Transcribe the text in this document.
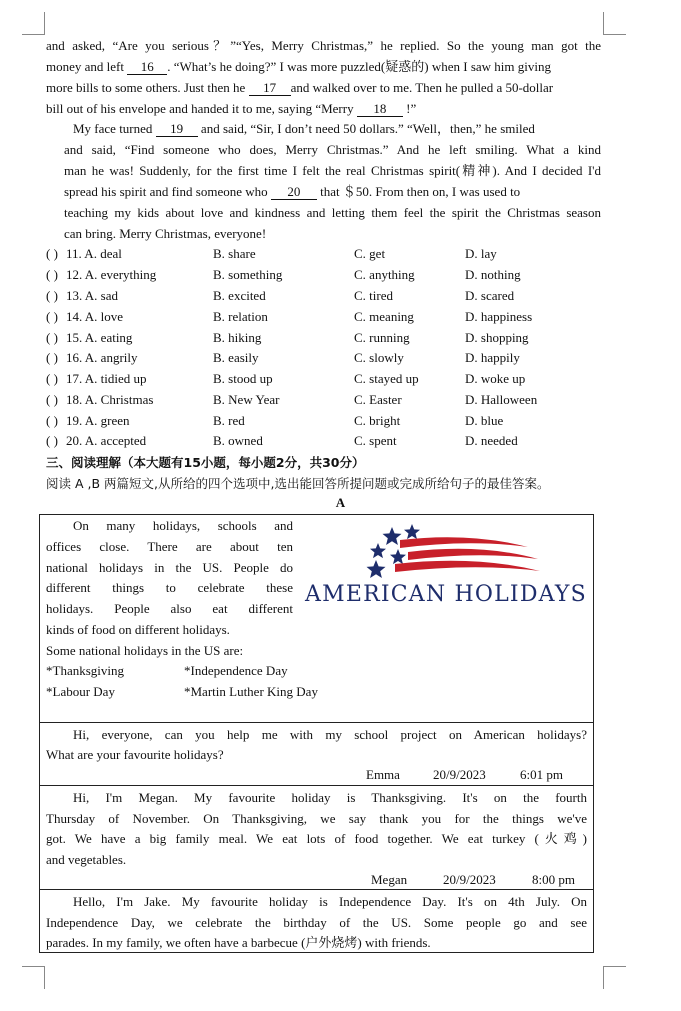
and asked, “Are you serious？”“Yes, Merry Christmas,” he replied. So the young man got the
money and left 16 . “What’s he doing?” I was more puzzled(疑惑的) when I saw him giving
more bills to some others. Just then he 17 and walked over to me. Then he pulled a 50-dollar
bill out of his envelope and handed it to me, saying “Merry 18 !”
My face turned 19 and said, “Sir, I don’t need 50 dollars.” “Well，then,” he smiled
and said, “Find someone who does, Merry Christmas.” And he left smiling. What a kind
man he was! Suddenly, for the first time I felt the real Christmas spirit(精神). And I decided I'd
spread his spirit and find someone who 20 that ＄50. From then on, I was used to
teaching my kids about love and kindness and letting them feel the spirit the Christmas season
can bring. Merry Christmas, everyone!
( ) 11. A. deal	B. share	C. get	D. lay
( ) 12. A. everything	B. something	C. anything	D. nothing
( ) 13. A. sad	B. excited	C. tired	D. scared
( ) 14. A. love	B. relation	C. meaning	D. happiness
( ) 15. A. eating	B. hiking	C. running	D. shopping
( ) 16. A. angrily	B. easily	C. slowly	D. happily
( ) 17. A. tidied up	B. stood up	C. stayed up	D. woke up
( ) 18. A. Christmas	B. New Year	C. Easter	D. Halloween
( ) 19. A. green	B. red	C. bright	D. blue
( ) 20. A. accepted	B. owned	C. spent	D. needed
三、阅读理解（本大题有15小题，每小题2分，共30分）
阅读 A ,B 两篇短文,从所给的四个选项中,选出能回答所提问题或完成所给句子的最佳答案。
A
On many holidays, schools and
offices close. There are about ten
national holidays in the US. People do
different things to celebrate these
holidays. People also eat different
kinds of food on different holidays.
Some national holidays in the US are:
*Thanksgiving	*Independence Day
*Labour Day	*Martin Luther King Day
AMERICAN HOLIDAYS
Hi, everyone, can you help me with my school project on American holidays?
What are your favourite holidays?
Emma	20/9/2023	6:01 pm
Hi, I'm Megan. My favourite holiday is Thanksgiving. It's on the fourth
Thursday of November. On Thanksgiving, we say thank you for the things we've
got. We have a big family meal. We eat lots of food together. We eat turkey (火鸡)
and vegetables.
Megan	20/9/2023	8:00 pm
Hello, I'm Jake. My favourite holiday is Independence Day. It's on 4th July. On
Independence Day, we celebrate the birthday of the US. Some people go and see
parades. In my family, we often have a barbecue (户外烧烤) with friends.
